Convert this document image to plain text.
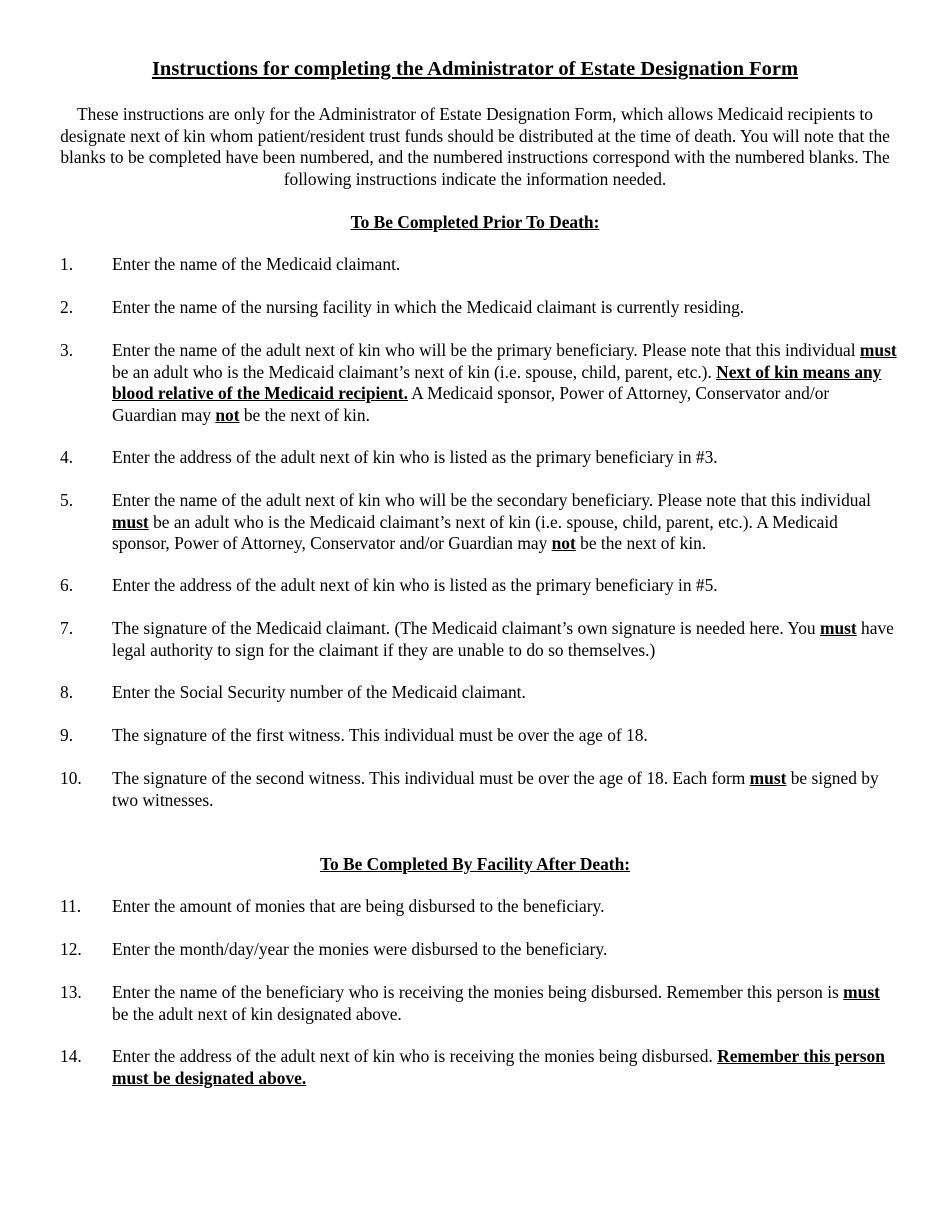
Instructions for completing the Administrator of Estate Designation Form

These instructions are only for the Administrator of Estate Designation Form, which allows Medicaid recipients to designate next of kin whom patient/resident trust funds should be distributed at the time of death. You will note that the blanks to be completed have been numbered, and the numbered instructions correspond with the numbered blanks. The following instructions indicate the information needed.

To Be Completed Prior To Death:
1.	Enter the name of the Medicaid claimant.
2.	Enter the name of the nursing facility in which the Medicaid claimant is currently residing.
3.	Enter the name of the adult next of kin who will be the primary beneficiary. Please note that this individual must be an adult who is the Medicaid claimant’s next of kin (i.e. spouse, child, parent, etc.). Next of kin means any blood relative of the Medicaid recipient. A Medicaid sponsor, Power of Attorney, Conservator and/or Guardian may not be the next of kin.
4.	Enter the address of the adult next of kin who is listed as the primary beneficiary in #3.
5.	Enter the name of the adult next of kin who will be the secondary beneficiary. Please note that this individual must be an adult who is the Medicaid claimant’s next of kin (i.e. spouse, child, parent, etc.). A Medicaid sponsor, Power of Attorney, Conservator and/or Guardian may not be the next of kin.
6.	Enter the address of the adult next of kin who is listed as the primary beneficiary in #5.
7.	The signature of the Medicaid claimant. (The Medicaid claimant’s own signature is needed here. You must have legal authority to sign for the claimant if they are unable to do so themselves.)
8.	Enter the Social Security number of the Medicaid claimant.
9.	The signature of the first witness. This individual must be over the age of 18.
10.	The signature of the second witness. This individual must be over the age of 18. Each form must be signed by two witnesses.
To Be Completed By Facility After Death:
11.	Enter the amount of monies that are being disbursed to the beneficiary.
12.	Enter the month/day/year the monies were disbursed to the beneficiary.
13.	Enter the name of the beneficiary who is receiving the monies being disbursed. Remember this person is must be the adult next of kin designated above.
14.	Enter the address of the adult next of kin who is receiving the monies being disbursed. Remember this person must be designated above.
